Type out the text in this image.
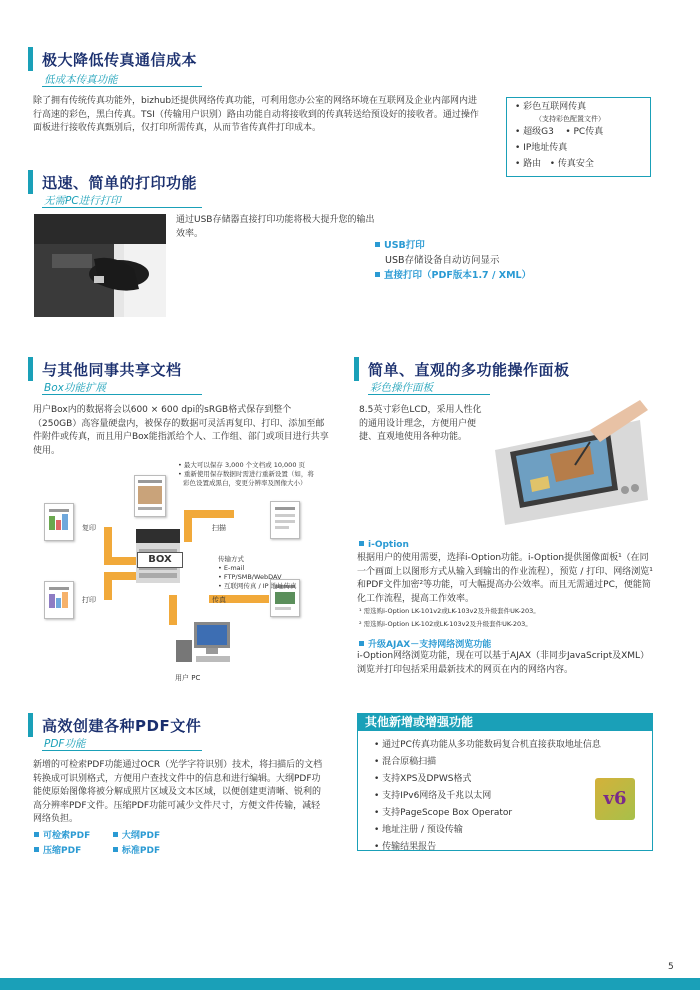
极大降低传真通信成本
低成本传真功能
除了拥有传统传真功能外，bizhub还提供网络传真功能，可利用您办公室的网络环境在互联网及企业内部网内进行高速的彩色，黑白传真。TSI（传输用户识别）路由功能自动将接收到的传真转送给预设好的接收者。通过操作面板进行接收传真甄别后，仅打印所需传真，从而节省传真件打印成本。
• 彩色互联网传真
（支持彩色配置文件）
• 超级G3 • PC传真
• IP地址传真
• 路由 • 传真安全
迅速、简单的打印功能
无需PC进行打印
通过USB存储器直接打印功能将极大提升您的输出效率。
USB打印
USB存储设备自动访问显示
直接打印（PDF版本1.7 / XML）
与其他同事共享文档
Box功能扩展
用户Box内的数据将会以600 × 600 dpi的sRGB格式保存到整个（250GB）高容量硬盘内，被保存的数据可灵活再复印、打印、添加至邮件附件或传真，而且用户Box能指派给个人、工作组、部门或项目进行共享使用。
• 最大可以保存 3,000 个文档或 10,000 页
• 重新使用保存数据时需进行重新设置（如，将
彩色设置成黑白，变更分辨率及图像大小）
BOX
复印
打印
扫描
传真
传输方式
• E-mail
• FTP/SMB/WebDAV
• 互联网传真 / IP 地址传真
用户 PC
简单、直观的多功能操作面板
彩色操作面板
8.5英寸彩色LCD，采用人性化的通用设计理念，方便用户便捷、直观地使用各种功能。
i-Option
根据用户的使用需要，选择i-Option功能。i-Option提供图像面板¹（在同一个画面上以图形方式从输入到输出的作业流程），预览 / 打印、网络浏览¹和PDF文件加密²等功能，可大幅提高办公效率。而且无需通过PC，便能简化工作流程，提高工作效率。
¹ 需选购i-Option LK-101v2或LK-103v2及升级套件UK-203。
² 需选购i-Option LK-102或LK-103v2及升级套件UK-203。
升级AJAX－支持网络浏览功能
i-Option网络浏览功能，现在可以基于AJAX（非同步JavaScript及XML）浏览并打印包括采用最新技术的网页在内的网络内容。
高效创建各种PDF文件
PDF功能
新增的可检索PDF功能通过OCR（光学字符识别）技术，将扫描后的文档转换成可识别格式，方便用户查找文件中的信息和进行编辑。大纲PDF功能使原始图像将被分解成照片区域及文本区域，以便创建更清晰、锐利的高分辨率PDF文件。压缩PDF功能可减少文件尺寸，方便文件传输，减轻网络负担。
可检索PDF	大纲PDF
压缩PDF	标准PDF
其他新增或增强功能
• 通过PC传真功能从多功能数码复合机直接获取地址信息
• 混合原稿扫描
• 支持XPS及DPWS格式
• 支持IPv6网络及千兆以太网
• 支持PageScope Box Operator
• 地址注册 / 预设传输
• 传输结果报告
v6
5
